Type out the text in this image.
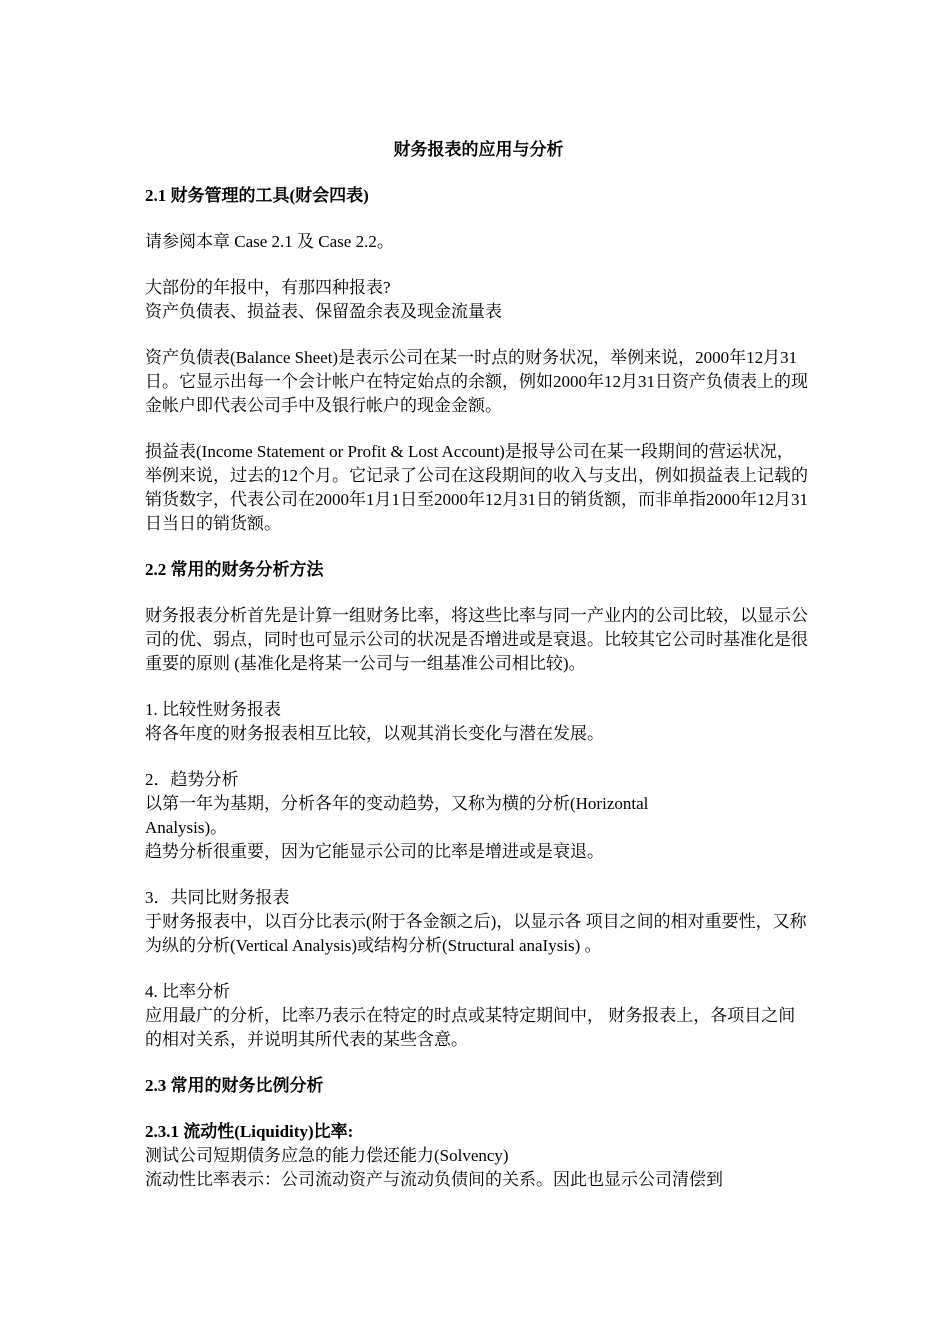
财务报表的应用与分析
2.1 财务管理的工具(财会四表)

请参阅本章 Case 2.1 及 Case 2.2。

大部份的年报中，有那四种报表?
资产负债表、损益表、保留盈余表及现金流量表

资产负债表(Balance Sheet)是表示公司在某一时点的财务状况，举例来说，2000年12月31日。它显示出每一个会计帐户在特定始点的余额，例如2000年12月31日资产负债表上的现金帐户即代表公司手中及银行帐户的现金金额。

损益表(Income Statement or Profit & Lost Account)是报导公司在某一段期间的营运状况，举例来说，过去的12个月。它记录了公司在这段期间的收入与支出，例如损益表上记载的销货数字，代表公司在2000年1月1日至2000年12月31日的销货额，而非单指2000年12月31日当日的销货额。

2.2 常用的财务分析方法

财务报表分析首先是计算一组财务比率，将这些比率与同一产业内的公司比较，以显示公司的优、弱点，同时也可显示公司的状况是否增进或是衰退。比较其它公司时基准化是很重要的原则 (基准化是将某一公司与一组基准公司相比较)。

1. 比较性财务报表
将各年度的财务报表相互比较，以观其消长变化与潜在发展。
2．趋势分析
以第一年为基期，分析各年的变动趋势，又称为横的分析(Horizontal
Analysis)。
趋势分析很重要，因为它能显示公司的比率是增进或是衰退。
3．共同比财务报表
于财务报表中，以百分比表示(附于各金额之后)，以显示各 项目之间的相对重要性，又称为纵的分析(Vertical Analysis)或结构分析(Structural anaIysis) 。
4. 比率分析
应用最广的分析，比率乃表示在特定的时点或某特定期间中， 财务报表上，各项目之间的相对关系，并说明其所代表的某些含意。
2.3 常用的财务比例分析
2.3.1 流动性(Liquidity)比率:
测试公司短期债务应急的能力偿还能力(Solvency)
流动性比率表示：公司流动资产与流动负债间的关系。因此也显示公司清偿到
